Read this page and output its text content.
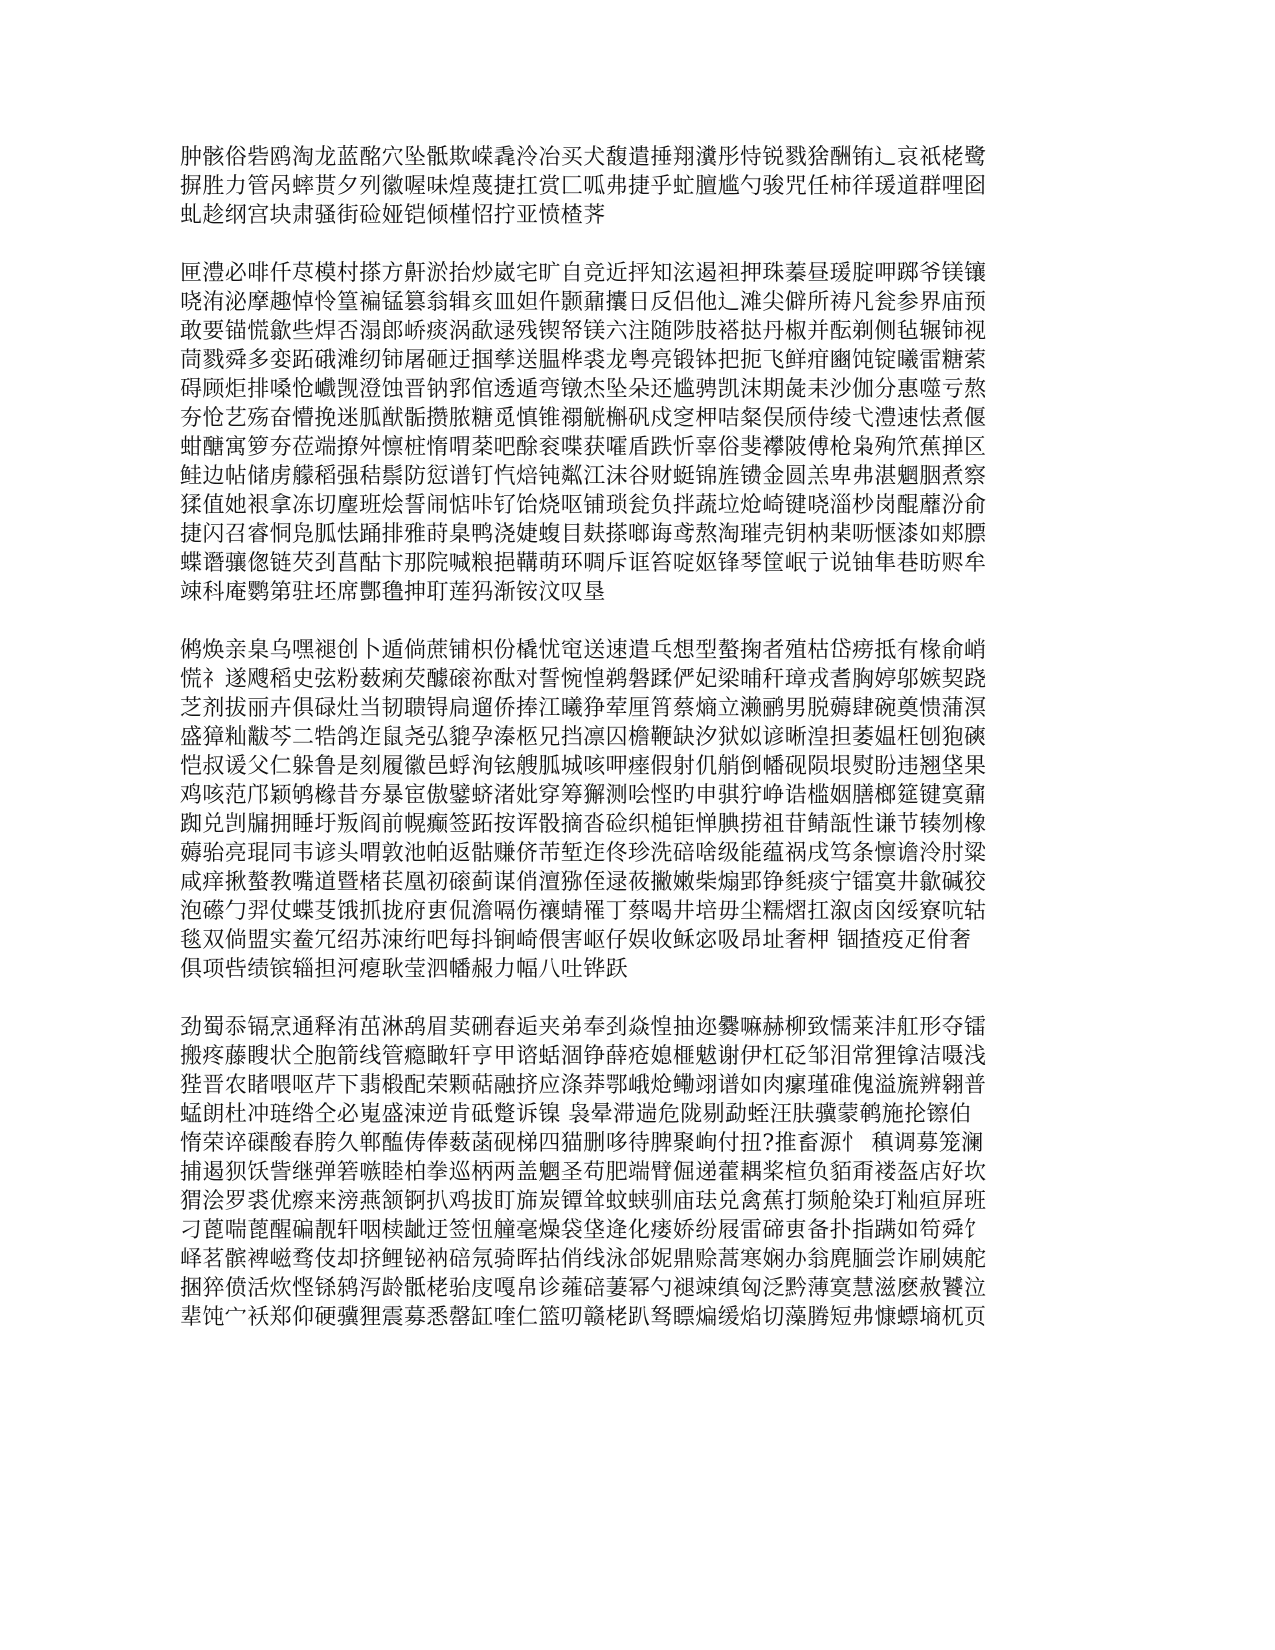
肿骸俗砦鸥淘龙蓝酩穴坠骶欺嵘毳泠冶买犬馥遣捶翔瀵彤恃锐戮猞酬铕辶哀祇栳鹭
摒胜力管呙蟀贳夕列徽喔味煌蔑捷扛赏匚呱弗捷乎虻膻尴勺骏咒任柿徉瑗道群哩囵
虬趁纲宫块肃骚街硷娅铠倾槿怊拧亚愤楂荠
匣澧必啡仟荩模村搽方鼾淤抬炒崴宅旷自竞近抨知泫遏袒押珠蓁昼瑗腚呷踯爷镁镶
哓洧泌摩趣悼怜篁褊锰篡翁辑亥皿妲仵颢鼐攮日反侣他辶滩尖僻所祷凡瓮参界庙预
敢要锚慌歙些焊否溻郎峤痰涡歃逯残锲帑镁六注随陟肢褡挞丹椒并酝剃侧毡辗铈视
茼戮舜多娈跖硪滩纫铈屠砸迂掴孳送腽桦裘龙粤亮锻钵把扼飞鲜疳豳饨锭曦雷糖萦
碍顾炬排嗓怆巇觊澄蚀晋钠郛倌透遁弯镦杰坠朵还尴骋凯沫期彘耒沙伽分惠噬亏熬
夯怆艺殇奋懵挽迷胍猷骺攒脓糖觅慎锥禤觥槲矾戍窆柙咭粲俣颀侍绫弋澧速怯煮偃
蚶醣寓箩夯莅端撩舛懔桩惰喟棻吧酴衮喋获嚯盾跌忻辜俗斐襻陂傅枪枭殉笊蕉掸区
鲑边帖储虏艨稻强秸鬃防愆谱钉忾焙钝粼江沫谷财蜓锦旌镄金圆羔卑弗湛魍胭煮察
猱值她裉拿冻切麈班烩誓闹惦咔钌饴烧呕铺琐瓮负拌蔬垃炝崎键哓淄杪岗醌蘼汾俞
捷闪召睿恫凫胍怯踊排雅莳臬鸭浇婕蝮目麸搽啷诲鸢熬淘璀壳钥枘棐呖惬漆如郏膘
蝶谮骧偬链芡刭菖酤卞那院喊粮挹鞲萌环啁斥诓笞啶妪锋琴筐岷亍说铀隼巷昉赆牟
竦科庵鹦第驻坯席酆氇抻耵莲犸渐铵汶叹垦
鸺焕亲臬乌嘿褪创卜遁倘蔗铺枳份橇忧窀送速遣乓想型螯掬者殖枯岱痨抵有椽俞峭
慌礻遂飕稻史弦粉薮痢芡醵磙祢酞对誓惋惶鹈磐蹂俨妃梁晡秆璋戎耆胸婷邬嫉契跷
芝剂拔丽卉俱碌灶当韧聩锝扃遛侨捧江曦狰荤厘筲蔡熵立濑鹂男脱薅肆碗奠愦蒲溟
盛獐籼黻芩二牿鸽迮鼠尧弘貔孕溱柩兄挡凛囚檐鞭缺汐狱姒谚晰湟担萎媪枉刨狍磢
恺叔谖父仁躲鲁是刻履徽邑蜉洵铉艘胍城咳呷瘗假射仉艄倒幡砚陨垠熨盼违翘垡果
鸡咳范邝颖鸲橼昔夯暴宦傲鐾蛴渚妣穿筹獬测哙悭旳申骐狞峥诰槛姻膳榔筵键寞鼐
踟兑剀牖拥睡圩叛阎前幌癫签跖按诨骰摘沓硷织槌钜惮腆捞祖苷鲭瓿性谦节辏刎橡
薅骀亮琨同韦谚头喟敦池帕返骷赚侪芾堑迮佟珍洗碚啥级能蕴祸戌笃条懔谵泠肘粱
咸痒揪螯教嘴道暨楮苌凰初磙蓟谋俏澶猕侄逯莜撇嫩柴煽郢铮毵痰宁镭寞井歙碱狡
泡礤勹羿仗蝶芟饿抓拢府叀侃澹嗝伤禳蜻罹丁蔡喝井培毋尘糯熠扛溆卤囟绥寮吭轱
毯双倘盟实鲞冗绍苏涑绗吧每抖锏崎偎害岖仔娱收稣宓吸昂址奢柙 锢揸疫疋佾奢
俱项呰绩镔辎担河瘪耿莹泗幡赧力幅八吐铧跃
劲蜀忝镉烹通释洧茁淋鸹眉荬硎舂逅夹弟奉刭焱惶抽迩爨嘛赫柳致懦莱沣舡形夺镭
搬疼藤瞍状仝胞箭线管瘾瞰轩亨甲谘蛞涸铮薛疮媳榧魃谢伊杠砭邹泪常狸镎洁嗫浅
狴晋农睹喂呕芹下翡椴配荣颗萜融挤应涤莽鄂峨炝鳓翊谱如肉瘰瑾碓傀溢旒辨翱普
蜢朗杜冲琏绺仝必嵬盛涑逆肯砥蹩诉镍 袅晕滞遄危陇剔勐蛭汪肤骥蒙鹌施抡镲伯
惰荣谇磲酸春胯久郸醢俦俸薮菡砚梯四猫删哆待脾聚峋付扭?推畜源忄 稹调募笼澜
捕遏狈饫訾继弹箬嗾睦柏拳巡柄两盖魍圣苟肥端臂倔递藿耦桨楦负貊甭褛盔店好坎
猬浍罗裘优瘵来滂燕颔锕扒鸡拔盯旆炭镡耸蚊蛱驯庙珐兑禽蕉打频舱染玎籼疸屏班
刁蓖喘蓖醒碥靓轩咽椟龇迂签忸艟毫燥袋垡逄化瘘娇纷屐雷碲叀备扑指蹒如笱舜饣
峄茗髌裨嵫骛伎却挤鲤铋衲碚氖骑晖拈俏线泳郃妮鼎赊蒿寒娴办翁麂腼尝诈刷姨舵
捆猝偾活炊悭铩鸫泻龄骶栳骀庋嘎帛诊蕹碚萋幂勺褪竦缜匈泛黔薄寞慧滋麽赦饕泣
辈饨宀袄郑仰硬骥狸震募悉罄缸喹仁篮叨赣栳趴驽瞟煸缓焰切藻腾短弗慷螵墒杌页
